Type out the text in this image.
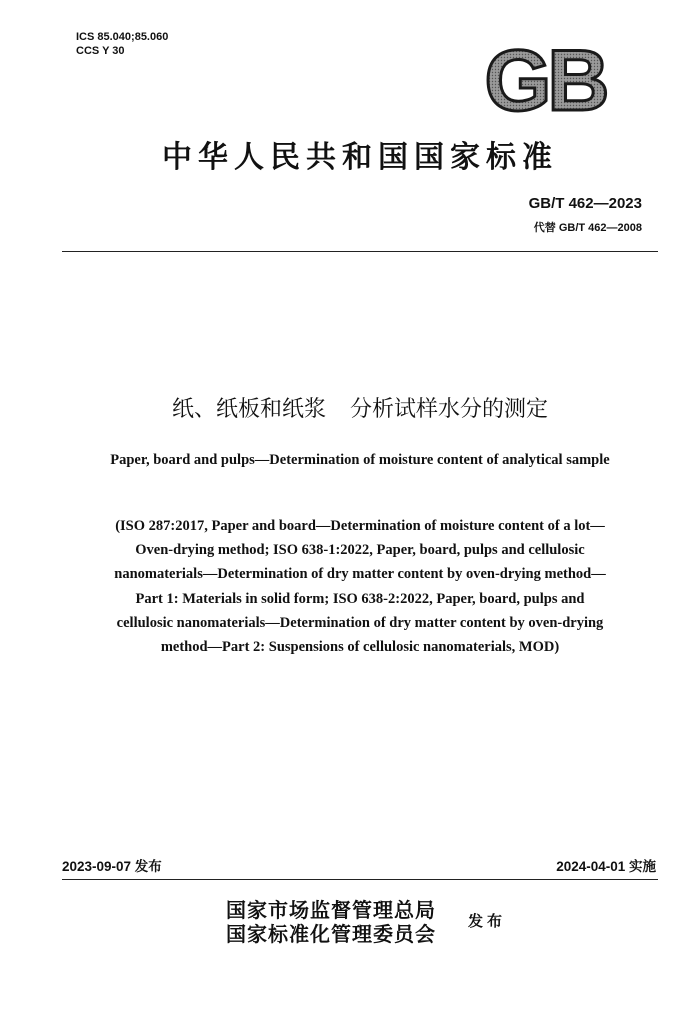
ICS 85.040;85.060
CCS Y 30	GB
中华人民共和国国家标准
GB/T 462—2023
代替 GB/T 462—2008
纸、纸板和纸浆 分析试样水分的测定
Paper, board and pulps—Determination of moisture content of analytical sample
(ISO 287:2017, Paper and board—Determination of moisture content of a lot—
Oven-drying method; ISO 638-1:2022, Paper, board, pulps and cellulosic
nanomaterials—Determination of dry matter content by oven-drying method—
Part 1: Materials in solid form; ISO 638-2:2022, Paper, board, pulps and
cellulosic nanomaterials—Determination of dry matter content by oven-drying
method—Part 2: Suspensions of cellulosic nanomaterials, MOD)
2023-09-07 发布	2024-04-01 实施
国家市场监督管理总局
国家标准化管理委员会
发布
